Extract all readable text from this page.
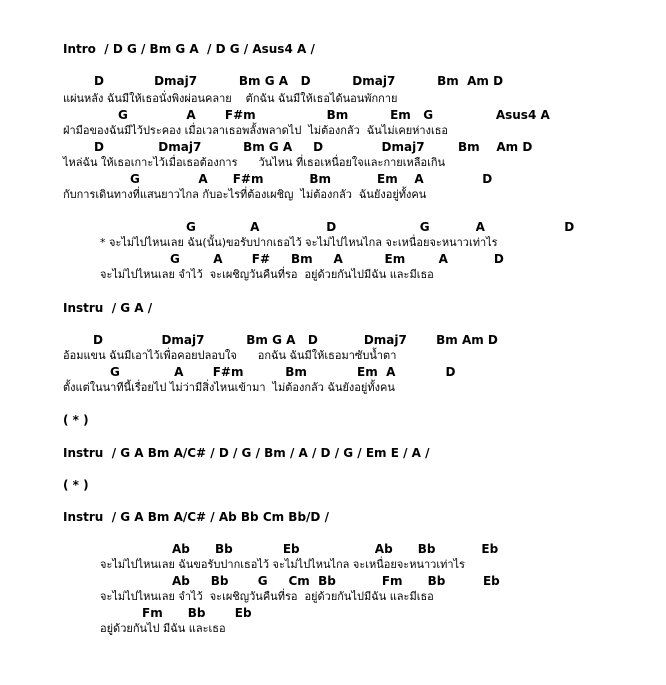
Intro  / D G / Bm G A  / D G / Asus4 A /
D            Dmaj7          Bm G A   D          Dmaj7          Bm  Am D
แผ่นหลัง ฉันมีให้เธอนั่งพิงผ่อนคลาย    ตักฉัน ฉันมีให้เธอได้นอนพักกาย
G              A       F#m                 Bm          Em   G               Asus4 A
ฝ่ามือของฉันมีไว้ประคอง เมื่อเวลาเธอพลั้งพลาดไป  ไม่ต้องกลัว  ฉันไม่เคยห่างเธอ
D             Dmaj7          Bm G A     D              Dmaj7        Bm    Am D
ไหล่ฉัน ให้เธอเกาะไว้เมื่อเธอต้องการ      วันไหน ที่เธอเหนื่อยใจและกายเหลือเกิน
G              A      F#m           Bm           Em    A              D
กับการเดินทางที่แสนยาวไกล กับอะไรที่ต้องเผชิญ  ไม่ต้องกลัว  ฉันยังอยู่ทั้งคน
G             A                D                    G           A                   D
* จะไม่ไปไหนเลย ฉัน(นั้น)ขอรับปากเธอไว้ จะไม่ไปไหนไกล จะเหนื่อยจะหนาวเท่าไร
G        A       F#     Bm     A          Em        A           D
จะไม่ไปไหนเลย จำไว้  จะเผชิญวันคืนที่รอ  อยู่ด้วยกันไปมีฉัน และมีเธอ
Instru  / G A /
D              Dmaj7          Bm G A   D           Dmaj7       Bm Am D
อ้อมแขน ฉันมีเอาไว้เพื่อคอยปลอบใจ      อกฉัน ฉันมีให้เธอมาซับน้ำตา
G             A       F#m          Bm            Em  A            D
ตั้งแต่ในนาทีนี้เรื่อยไป ไม่ว่ามีสิ่งไหนเข้ามา  ไม่ต้องกลัว ฉันยังอยู่ทั้งคน
( * )
Instru  / G A Bm A/C# / D / G / Bm / A / D / G / Em E / A /
( * )
Instru  / G A Bm A/C# / Ab Bb Cm Bb/D /
Ab      Bb            Eb                  Ab      Bb           Eb
จะไม่ไปไหนเลย ฉันขอรับปากเธอไว้ จะไม่ไปไหนไกล จะเหนื่อยจะหนาวเท่าไร
Ab     Bb       G     Cm  Bb           Fm      Bb         Eb
จะไม่ไปไหนเลย จำไว้  จะเผชิญวันคืนที่รอ  อยู่ด้วยกันไปมีฉัน และมีเธอ
Fm      Bb       Eb
อยู่ด้วยกันไป มีฉัน และเธอ
